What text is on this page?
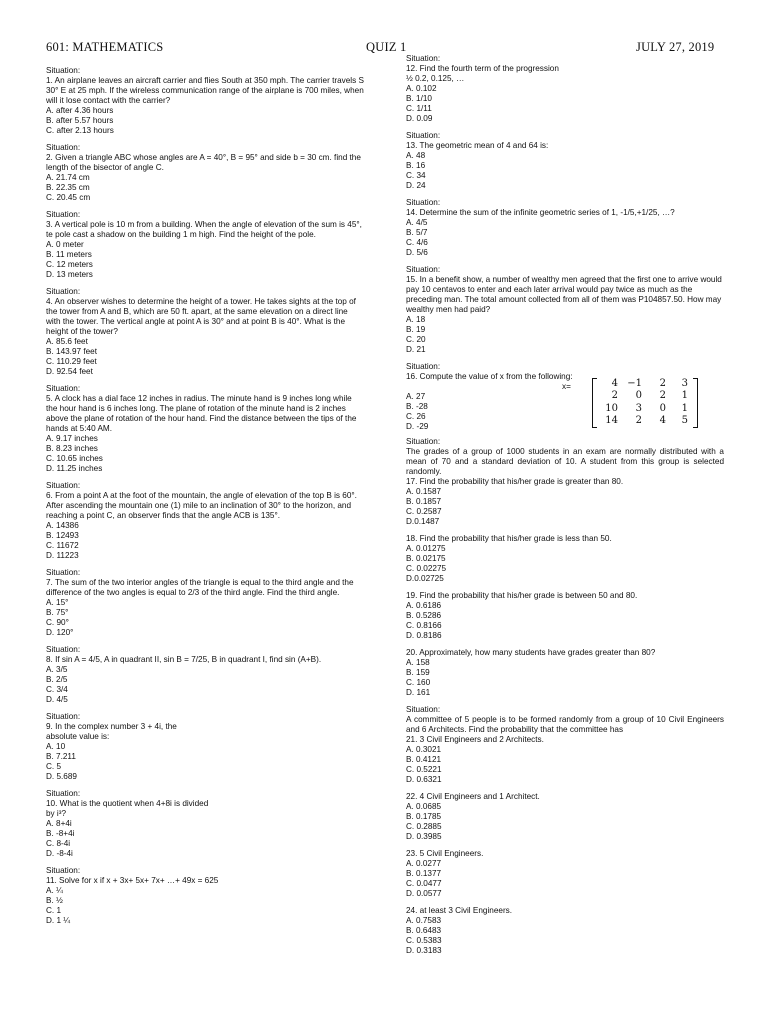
601: MATHEMATICS	QUIZ 1	JULY 27, 2019
Situation:
1. An airplane leaves an aircraft carrier and flies South at 350 mph. The carrier travels S 30° E at 25 mph. If the wireless communication range of the airplane is 700 miles, when will it lose contact with the carrier?
A. after 4.36 hours
B. after 5.57 hours
C. after 2.13 hours
Situation:
2. Given a triangle ABC whose angles are A = 40°, B = 95° and side b = 30 cm. find the length of the bisector of angle C.
A. 21.74 cm
B. 22.35 cm
C. 20.45 cm
Situation:
3. A vertical pole is 10 m from a building. When the angle of elevation of the sum is 45°, te pole cast a shadow on the building 1 m high. Find the height of the pole.
A. 0 meter
B. 11 meters
C. 12 meters
D. 13 meters
Situation:
4. An observer wishes to determine the height of a tower. He takes sights at the top of the tower from A and B, which are 50 ft. apart, at the same elevation on a direct line with the tower. The vertical angle at point A is 30° and at point B is 40°. What is the height of the tower?
A. 85.6 feet
B. 143.97 feet
C. 110.29 feet
D. 92.54 feet
Situation:
5. A clock has a dial face 12 inches in radius. The minute hand is 9 inches long while the hour hand is 6 inches long. The plane of rotation of the minute hand is 2 inches above the plane of rotation of the hour hand. Find the distance between the tips of the hands at 5:40 AM.
A. 9.17 inches
B. 8.23 inches
C. 10.65 inches
D. 11.25 inches
Situation:
6. From a point A at the foot of the mountain, the angle of elevation of the top B is 60°. After ascending the mountain one (1) mile to an inclination of 30° to the horizon, and reaching a point C, an observer finds that the angle ACB is 135°.
A. 14386
B. 12493
C. 11672
D. 11223
Situation:
7. The sum of the two interior angles of the triangle is equal to the third angle and the difference of the two angles is equal to 2/3 of the third angle. Find the third angle.
A. 15°
B. 75°
C. 90°
D. 120°
Situation:
8. If sin A = 4/5, A in quadrant II, sin B = 7/25, B in quadrant I, find sin (A+B).
A. 3/5
B. 2/5
C. 3/4
D. 4/5
Situation:
9. In the complex number 3 + 4i, the
absolute value is:
A. 10
B. 7.211
C. 5
D. 5.689
Situation:
10. What is the quotient when 4+8i is divided
by i³?
A. 8+4i
B. -8+4i
C. 8-4i
D. -8-4i
Situation:
11. Solve for x if x + 3x+ 5x+ 7x+ …+ 49x = 625
A. ¼
B. ½
C. 1
D. 1 ¼
Situation:
12. Find the fourth term of the progression
½ 0.2, 0.125, …
A. 0.102
B. 1/10
C. 1/11
D. 0.09
Situation:
13. The geometric mean of 4 and 64 is:
A. 48
B. 16
C. 34
D. 24
Situation:
14. Determine the sum of the infinite geometric series of 1, -1/5,+1/25, …?
A. 4/5
B. 5/7
C. 4/6
D. 5/6
Situation:
15. In a benefit show, a number of wealthy men agreed that the first one to arrive would pay 10 centavos to enter and each later arrival would pay twice as much as the preceding man. The total amount collected from all of them was P104857.50. How may wealthy men had paid?
A. 18
B. 19
C. 20
D. 21
Situation:
16. Compute the value of x from the following:
x=
A. 27
B. -28
C. 26
D. -29
4 −1	2	3
2	0	2	1
10	3	0	1
14	2	4	5
Situation:
The grades of a group of 1000 students in an exam are normally distributed with a mean of 70 and a standard deviation of 10. A student from this group is selected randomly.
17. Find the probability that his/her grade is greater than 80.
A. 0.1587
B. 0.1857
C. 0.2587
D.0.1487
18. Find the probability that his/her grade is less than 50.
A. 0.01275
B. 0.02175
C. 0.02275
D.0.02725
19. Find the probability that his/her grade is between 50 and 80.
A. 0.6186
B. 0.5286
C. 0.8166
D. 0.8186
20. Approximately, how many students have grades greater than 80?
A. 158
B. 159
C. 160
D. 161
Situation:
A committee of 5 people is to be formed randomly from a group of 10 Civil Engineers and 6 Architects. Find the probability that the committee has
21. 3 Civil Engineers and 2 Architects.
A. 0.3021
B. 0.4121
C. 0.5221
D. 0.6321
22. 4 Civil Engineers and 1 Architect.
A. 0.0685
B. 0.1785
C. 0.2885
D. 0.3985
23. 5 Civil Engineers.
A. 0.0277
B. 0.1377
C. 0.0477
D. 0.0577
24. at least 3 Civil Engineers.
A. 0.7583
B. 0.6483
C. 0.5383
D. 0.3183
